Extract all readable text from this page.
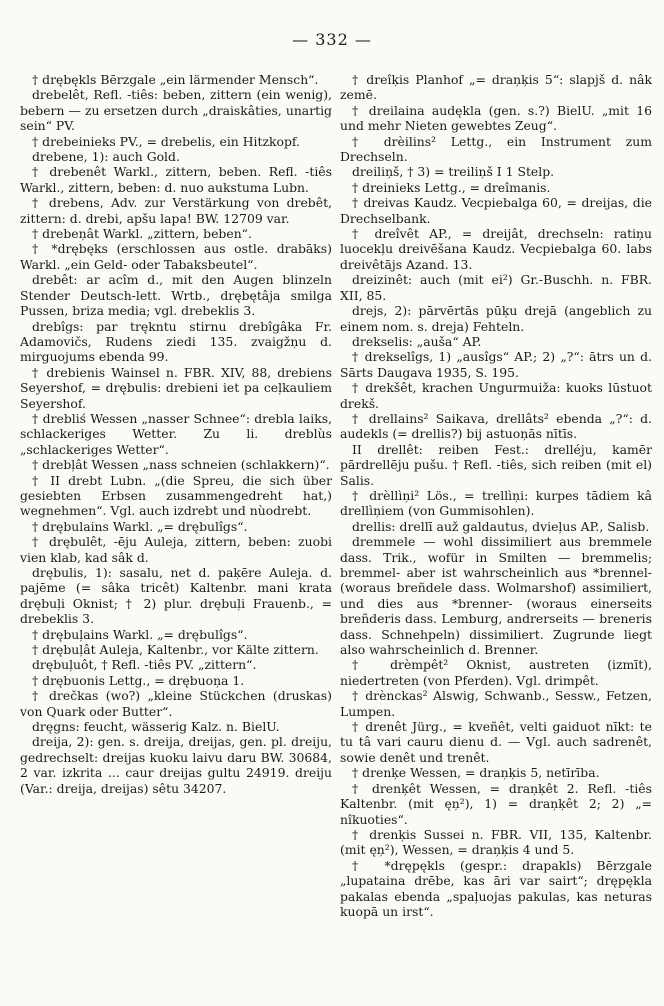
— 332 —

† drębękls Bērzgale „ein lärmender Mensch“.

drebelêt, Refl. -tiês: beben, zittern (ein wenig), bebern — zu ersetzen durch „draiskâties, unartig sein“ PV.

† drebeinieks PV., = drebelis, ein Hitzkopf.

drebene, 1): auch Gold.

† drebenêt Warkl., zittern, beben. Refl. -tiês Warkl., zittern, beben: d. nuo aukstuma Lubn.

† drebens, Adv. zur Verstärkung von drebêt, zittern: d. drebi, apšu lapa! BW. 12709 var.

† drebeņât Warkl. „zittern, beben“.

† *drębęks (erschlossen aus ostle. drabāks) Warkl. „ein Geld- oder Tabaksbeutel“.

drebêt: ar acîm d., mit den Augen blinzeln Stender Deutsch-lett. Wrtb., drębętâja smilga Pussen, briza media; vgl. drebeklis 3.

drebîgs: par trękntu stirnu drebîgâka Fr. Adamovičs, Rudens ziedi 135. zvaigžņu d. mirguojums ebenda 99.

† drebienis Wainsel n. FBR. XIV, 88, drebiens Seyershof, = drębulis: drebieni iet pa ceļkauliem Seyershof.

† drebliś Wessen „nasser Schnee“: drebla laiks, schlackeriges Wetter. Zu li. dreblùs „schlackeriges Wetter“.

† drebļât Wessen „nass schneien (schlakkern)“.

† II drebt Lubn. „(die Spreu, die sich über gesiebten Erbsen zusammengedreht hat,) wegnehmen“. Vgl. auch izdrebt und nùodrebt.

† drębulains Warkl. „= drębulîgs“.

† drębulêt, -ēju Auleja, zittern, beben: zuobi vien klab, kad sâk d.

drębulis, 1): sasalu, net d. paķēre Auleja. d. pajēme (= sâka tricêt) Kaltenbr. mani krata drębuļi Oknist; † 2) plur. drębuļi Frauenb., = drebeklis 3.

† drębuļains Warkl. „= drębulîgs“.

† drębuļât Auleja, Kaltenbr., vor Kälte zittern.

drębuļuôt, † Refl. -tiês PV. „zittern“.

† drębuonis Lettg., = drębuoņa 1.

† drečkas (wo?) „kleine Stückchen (druskas) von Quark oder Butter“.

dręgns: feucht, wässerig Kalz. n. BielU.

dreija, 2): gen. s. dreija, dreijas, gen. pl. dreiju, gedrechselt: dreijas kuoku laivu daru BW. 30684, 2 var. izkrita ... caur dreijas gultu 24919. dreiju (Var.: dreija, dreijas) sêtu 34207.

† dreîķis Planhof „= draņķis 5“: slapjš d. nâk zemē.

† dreilaina audękla (gen. s.?) BielU. „mit 16 und mehr Nieten gewebtes Zeug“.

† drèilins² Lettg., ein Instrument zum Drechseln.

dreiliņš, † 3) = treiliņš I 1 Stelp.

† dreinieks Lettg., = dreîmanis.

† dreivas Kaudz. Vecpiebalga 60, = dreijas, die Drechselbank.

† dreîvêt AP., = dreijât, drechseln: ratiņu luocekļu dreivēšana Kaudz. Vecpiebalga 60. labs dreivêtājs Azand. 13.

dreizinêt: auch (mit ei²) Gr.-Buschh. n. FBR. XII, 85.

drejs, 2): pārvērtās pūķu drejā (angeblich zu einem nom. s. dreja) Fehteln.

drekselis: „auša“ AP.

† drekselîgs, 1) „ausîgs“ AP.; 2) „?“: ātrs un d. Sārts Daugava 1935, S. 195.

† drekšêt, krachen Ungurmuiža: kuoks lūstuot drekš.

† drellains² Saikava, drellâts² ebenda „?“: d. audekls (= drellis?) bij astuoņās nītīs.

II drellêt: reiben Fest.: drelléju, kamēr pārdrellēju pušu. † Refl. -tiês, sich reiben (mit el) Salis.

† drèllìņi² Lös., = trellìņi: kurpes tādiem kâ drellìņiem (von Gummisohlen).

drellis: drellī auž galdautus, dvieļus AP., Salisb.

dremmele — wohl dissimiliert aus bremmele dass. Trik., wofür in Smilten — bremmelis; bremmel- aber ist wahrscheinlich aus *brennel- (woraus breñdele dass. Wolmarshof) assimiliert, und dies aus *brenner- (woraus einerseits breñderis dass. Lemburg, andrerseits — breneris dass. Schnehpeln) dissimiliert. Zugrunde liegt also wahrscheinlich d. Brenner.

† drèmpêt² Oknist, austreten (izmīt), niedertreten (von Pferden). Vgl. drimpêt.

† drènckas² Alswig, Schwanb., Sessw., Fetzen, Lumpen.

† drenêt Jürg., = kveñêt, velti gaiduot nīkt: te tu tâ vari cauru dienu d. — Vgl. auch sadrenêt, sowie denêt und trenêt.

† drenķe Wessen, = draņķis 5, netīrība.

† drenķêt Wessen, = draņķêt 2. Refl. -tiês Kaltenbr. (mit ęņ²), 1) = draņķêt 2; 2) „= nîkuoties“.

† drenķis Sussei n. FBR. VII, 135, Kaltenbr. (mit ęņ²), Wessen, = draņķis 4 und 5.

† *drępękls (gespr.: drapakls) Bērzgale „lupataina drēbe, kas āri var sairt“; drępękla pakalas ebenda „spaļuojas pakulas, kas neturas kuopā un irst“.
